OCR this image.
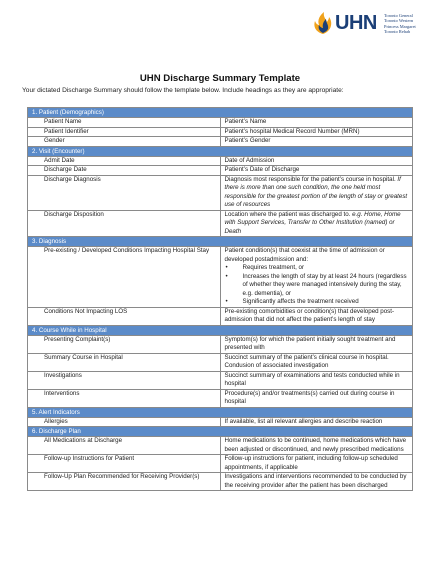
UHN Toronto General
Toronto Western
Princess Margaret
Toronto Rehab
UHN Discharge Summary Template
Your dictated Discharge Summary should follow the template below. Include headings as they are appropriate:
1. Patient (Demographics)	
Patient Name	Patient’s Name
Patient Identifier	Patient’s hospital Medical Record Number (MRN)
Gender	Patient’s Gender
2. Visit (Encounter)	
Admit Date	Date of Admission
Discharge Date	Patient’s Date of Discharge
Discharge Diagnosis	Diagnosis most responsible for the patient’s course in hospital. If there is more than one such condition, the one held most responsible for the greatest portion of the length of stay or greatest use of resources
Discharge Disposition	Location where the patient was discharged to. e.g. Home, Home with Support Services, Transfer to Other Institution (named) or Death
3. Diagnosis	
Pre-existing / Developed Conditions Impacting Hospital Stay	Patient condition(s) that coexist at the time of admission or developed postadmission and:
• Requires treatment, or
• Increases the length of stay by at least 24 hours (regardless of whether they were managed intensively during the stay, e.g. dementia), or
• Significantly affects the treatment received

Conditions Not Impacting LOS	Pre-existing comorbidities or condition(s) that developed post-admission that did not affect the patient’s length of stay
4. Course While in Hospital	
Presenting Complaint(s)	Symptom(s) for which the patient initially sought treatment and presented with
Summary Course in Hospital	Succinct summary of the patient’s clinical course in hospital. Condusion of associated investigation
Investigations	Succinct summary of examinations and tests conducted while in hospital
Interventions	Procedure(s) and/or treatments(s) carried out during course in hospital
5. Alert Indicators	
Allergies	If available, list all relevant allergies and describe reaction
6. Discharge Plan	
All Medications at Discharge	Home medications to be continued, home medications which have been adjusted or discontinued, and newly prescribed medications
Follow-up Instructions for Patient	Follow-up instructions for patient, including follow-up scheduled appointments, if applicable
Follow-Up Plan Recommended for Receiving Provider(s)	Investigations and interventions recommended to be conducted by the receiving provider after the patient has been discharged
